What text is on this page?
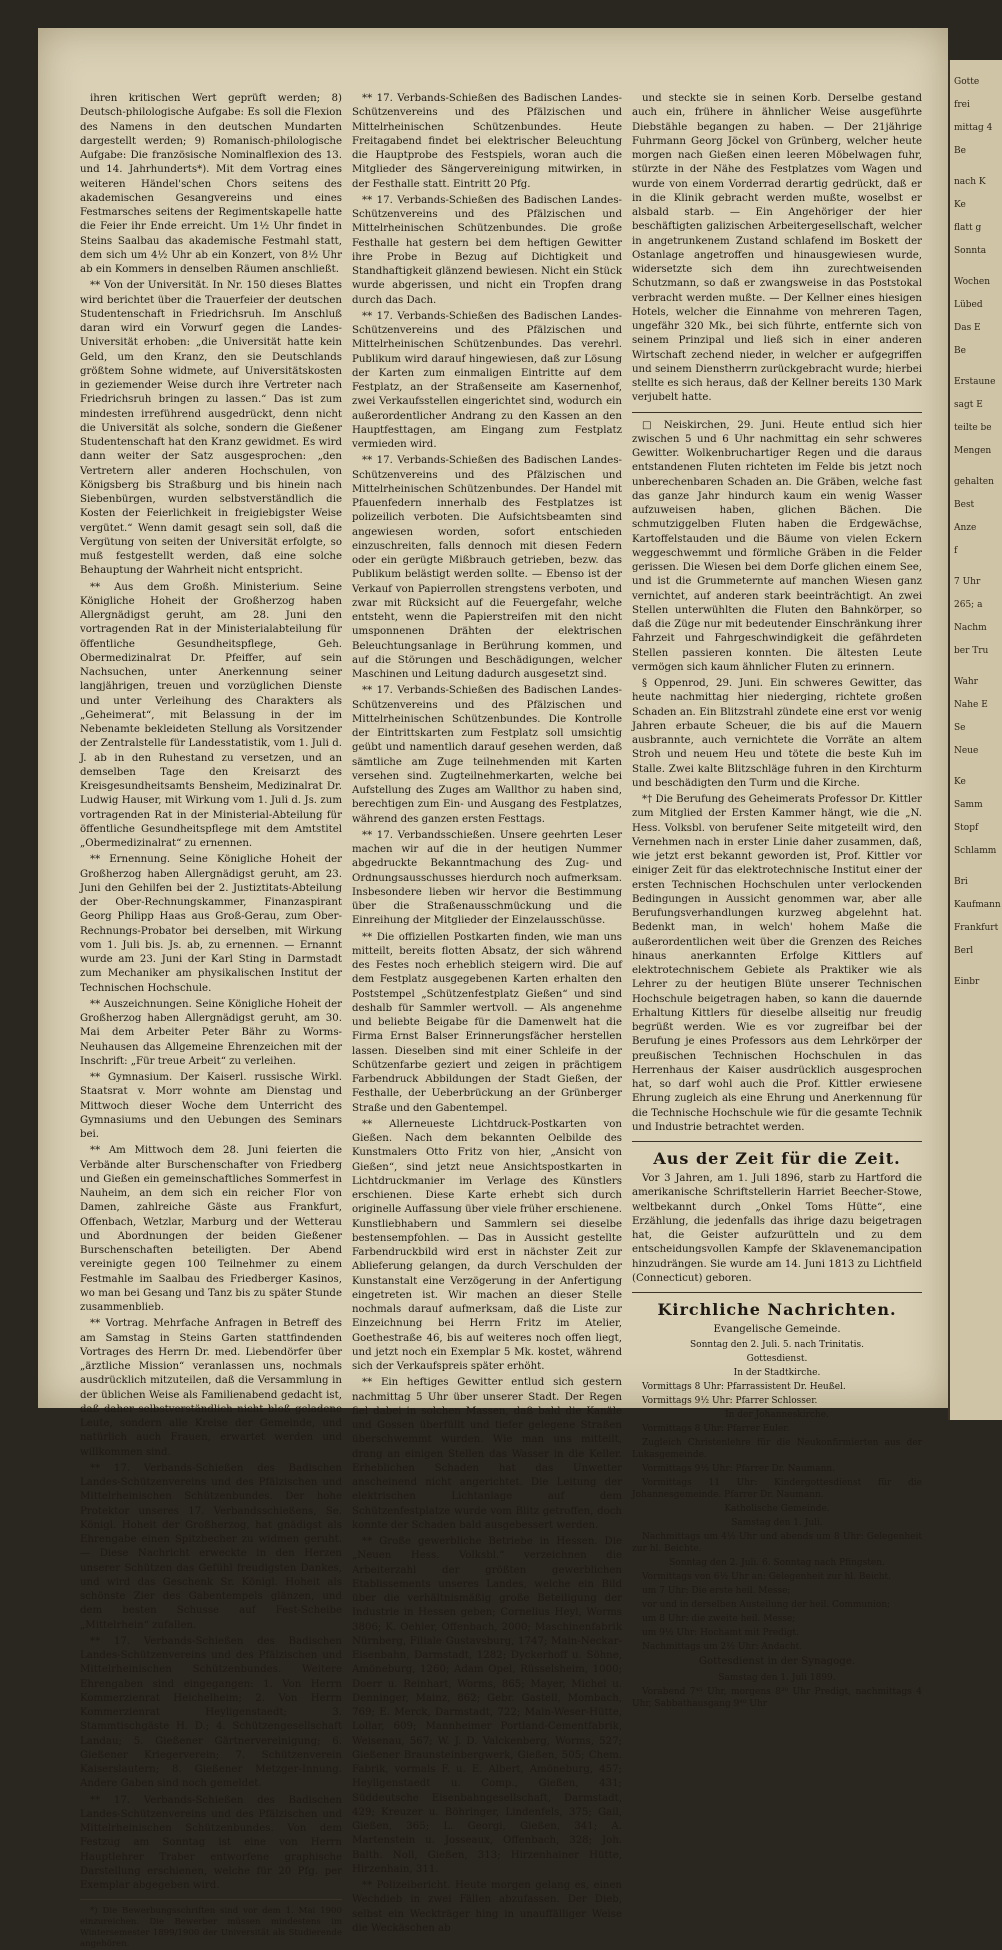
Gotte
frei
mittag 4
Be
nach K
Ke
flatt g
Sonnta
Wochen
Lübed
Das E
Be
Erstaune
sagt E
teilte be
Mengen
gehalten
Best
Anze
f
7 Uhr
265; a
Nachm
ber Tru
Wahr
Nahe E
Se
Neue
Ke
Samm
Stopf
Schlamm
Bri
Kaufmann
Frankfurt
Berl
Einbr

ihren kritischen Wert geprüft werden; 8) Deutsch-philologische Aufgabe: Es soll die Flexion des Namens in den deutschen Mundarten dargestellt werden; 9) Romanisch-philologische Aufgabe: Die französische Nominalflexion des 13. und 14. Jahrhunderts*). Mit dem Vortrag eines weiteren Händel'schen Chors seitens des akademischen Gesangvereins und eines Festmarsches seitens der Regimentskapelle hatte die Feier ihr Ende erreicht. Um 1½ Uhr findet in Steins Saalbau das akademische Festmahl statt, dem sich um 4½ Uhr ab ein Konzert, von 8½ Uhr ab ein Kommers in denselben Räumen anschließt.

** Von der Universität. In Nr. 150 dieses Blattes wird berichtet über die Trauerfeier der deutschen Studentenschaft in Friedrichsruh. Im Anschluß daran wird ein Vorwurf gegen die Landes-Universität erhoben: „die Universität hatte kein Geld, um den Kranz, den sie Deutschlands größtem Sohne widmete, auf Universitätskosten in geziemender Weise durch ihre Vertreter nach Friedrichsruh bringen zu lassen.“ Das ist zum mindesten irreführend ausgedrückt, denn nicht die Universität als solche, sondern die Gießener Studentenschaft hat den Kranz gewidmet. Es wird dann weiter der Satz ausgesprochen: „den Vertretern aller anderen Hochschulen, von Königsberg bis Straßburg und bis hinein nach Siebenbürgen, wurden selbstverständlich die Kosten der Feierlichkeit in freigiebigster Weise vergütet.“ Wenn damit gesagt sein soll, daß die Vergütung von seiten der Universität erfolgte, so muß festgestellt werden, daß eine solche Behauptung der Wahrheit nicht entspricht.

** Aus dem Großh. Ministerium. Seine Königliche Hoheit der Großherzog haben Allergnädigst geruht, am 28. Juni den vortragenden Rat in der Ministerialabteilung für öffentliche Gesundheitspflege, Geh. Obermedizinalrat Dr. Pfeiffer, auf sein Nachsuchen, unter Anerkennung seiner langjährigen, treuen und vorzüglichen Dienste und unter Verleihung des Charakters als „Geheimerat“, mit Belassung in der im Nebenamte bekleideten Stellung als Vorsitzender der Zentralstelle für Landesstatistik, vom 1. Juli d. J. ab in den Ruhestand zu versetzen, und an demselben Tage den Kreisarzt des Kreisgesundheitsamts Bensheim, Medizinalrat Dr. Ludwig Hauser, mit Wirkung vom 1. Juli d. Js. zum vortragenden Rat in der Ministerial-Abteilung für öffentliche Gesundheitspflege mit dem Amtstitel „Obermedizinalrat“ zu ernennen.

** Ernennung. Seine Königliche Hoheit der Großherzog haben Allergnädigst geruht, am 23. Juni den Gehilfen bei der 2. Justiztitats-Abteilung der Ober-Rechnungskammer, Finanzaspirant Georg Philipp Haas aus Groß-Gerau, zum Ober-Rechnungs-Probator bei derselben, mit Wirkung vom 1. Juli bis. Js. ab, zu ernennen. — Ernannt wurde am 23. Juni der Karl Sting in Darmstadt zum Mechaniker am physikalischen Institut der Technischen Hochschule.

** Auszeichnungen. Seine Königliche Hoheit der Großherzog haben Allergnädigst geruht, am 30. Mai dem Arbeiter Peter Bähr zu Worms-Neuhausen das Allgemeine Ehrenzeichen mit der Inschrift: „Für treue Arbeit“ zu verleihen.

** Gymnasium. Der Kaiserl. russische Wirkl. Staatsrat v. Morr wohnte am Dienstag und Mittwoch dieser Woche dem Unterricht des Gymnasiums und den Uebungen des Seminars bei.

** Am Mittwoch dem 28. Juni feierten die Verbände alter Burschenschafter von Friedberg und Gießen ein gemeinschaftliches Sommerfest in Nauheim, an dem sich ein reicher Flor von Damen, zahlreiche Gäste aus Frankfurt, Offenbach, Wetzlar, Marburg und der Wetterau und Abordnungen der beiden Gießener Burschenschaften beteiligten. Der Abend vereinigte gegen 100 Teilnehmer zu einem Festmahle im Saalbau des Friedberger Kasinos, wo man bei Gesang und Tanz bis zu später Stunde zusammenblieb.

** Vortrag. Mehrfache Anfragen in Betreff des am Samstag in Steins Garten stattfindenden Vortrages des Herrn Dr. med. Liebendörfer über „ärztliche Mission“ veranlassen uns, nochmals ausdrücklich mitzuteilen, daß die Versammlung in der üblichen Weise als Familienabend gedacht ist, daß daher selbstverständlich nicht bloß geladene Leute, sondern alle Kreise der Gemeinde, und natürlich auch Frauen, erwartet werden und willkommen sind.

** 17. Verbands-Schießen des Badischen Landes-Schützenvereins und des Pfälzischen und Mittelrheinischen Schützenbundes. Der hohe Protektor unseres 17. Verbandsschießens, Se. Königl. Hoheit der Großherzog, hat gnädigst als Ehrengabe einen Spitzbecher zu widmen geruht. — Diese Nachricht erweckte in den Herzen unserer Schützen das Gefühl freudigsten Dankes, und wird das Geschenk Sr. Königl. Hoheit als schönste Zier des Gabentempels glänzen, und dem besten Schusse auf Fest-Scheibe „Mittelrhein“ zufallen.

** 17. Verbands-Schießen des Badischen Landes-Schützenvereins und des Pfälzischen und Mittelrheinischen Schützenbundes. Weitere Ehrengaben sind eingegangen: 1. Von Herrn Kommerzienrat Heichelheim; 2. Von Herrn Kommerzienrat Heyligenstaedt; 3. Stammtischgäste H. D.; 4. Schützengesellschaft Landau; 5. Gießener Gärtnervereinigung; 6. Gießener Kriegerverein; 7. Schützenverein Kaiserslautern; 8. Gießener Metzger-Innung. Andere Gaben sind noch gemeldet.

** 17. Verbands-Schießen des Badischen Landes-Schützenvereins und des Pfälzischen und Mittelrheinischen Schützenbundes. Von dem Festzug am Sonntag ist eine von Herrn Hauptlehrer Traber entworfene graphische Darstellung erschienen, welche für 20 Pfg. per Exemplar abgegeben wird.

*) Die Bewerbungsschriften sind vor dem 1. Mai 1900 einzureichen. Die Bewerber müssen mindestens im Wintersemester 1899/1900 der Universität als Studierende angehören.

** 17. Verbands-Schießen des Badischen Landes-Schützenvereins und des Pfälzischen und Mittelrheinischen Schützenbundes. Heute Freitagabend findet bei elektrischer Beleuchtung die Hauptprobe des Festspiels, woran auch die Mitglieder des Sängervereinigung mitwirken, in der Festhalle statt. Eintritt 20 Pfg.

** 17. Verbands-Schießen des Badischen Landes-Schützenvereins und des Pfälzischen und Mittelrheinischen Schützenbundes. Die große Festhalle hat gestern bei dem heftigen Gewitter ihre Probe in Bezug auf Dichtigkeit und Standhaftigkeit glänzend bewiesen. Nicht ein Stück wurde abgerissen, und nicht ein Tropfen drang durch das Dach.

** 17. Verbands-Schießen des Badischen Landes-Schützenvereins und des Pfälzischen und Mittelrheinischen Schützenbundes. Das verehrl. Publikum wird darauf hingewiesen, daß zur Lösung der Karten zum einmaligen Eintritte auf dem Festplatz, an der Straßenseite am Kasernenhof, zwei Verkaufsstellen eingerichtet sind, wodurch ein außerordentlicher Andrang zu den Kassen an den Hauptfesttagen, am Eingang zum Festplatz vermieden wird.

** 17. Verbands-Schießen des Badischen Landes-Schützenvereins und des Pfälzischen und Mittelrheinischen Schützenbundes. Der Handel mit Pfauenfedern innerhalb des Festplatzes ist polizeilich verboten. Die Aufsichtsbeamten sind angewiesen worden, sofort entschieden einzuschreiten, falls dennoch mit diesen Federn oder ein gerügte Mißbrauch getrieben, bezw. das Publikum belästigt werden sollte. — Ebenso ist der Verkauf von Papierrollen strengstens verboten, und zwar mit Rücksicht auf die Feuergefahr, welche entsteht, wenn die Papierstreifen mit den nicht umsponnenen Drähten der elektrischen Beleuchtungsanlage in Berührung kommen, und auf die Störungen und Beschädigungen, welcher Maschinen und Leitung dadurch ausgesetzt sind.

** 17. Verbands-Schießen des Badischen Landes-Schützenvereins und des Pfälzischen und Mittelrheinischen Schützenbundes. Die Kontrolle der Eintrittskarten zum Festplatz soll umsichtig geübt und namentlich darauf gesehen werden, daß sämtliche am Zuge teilnehmenden mit Karten versehen sind. Zugteilnehmerkarten, welche bei Aufstellung des Zuges am Wallthor zu haben sind, berechtigen zum Ein- und Ausgang des Festplatzes, während des ganzen ersten Festtags.

** 17. Verbandsschießen. Unsere geehrten Leser machen wir auf die in der heutigen Nummer abgedruckte Bekanntmachung des Zug- und Ordnungsausschusses hierdurch noch aufmerksam. Insbesondere lieben wir hervor die Bestimmung über die Straßenausschmückung und die Einreihung der Mitglieder der Einzelausschüsse.

** Die offiziellen Postkarten finden, wie man uns mitteilt, bereits flotten Absatz, der sich während des Festes noch erheblich steigern wird. Die auf dem Festplatz ausgegebenen Karten erhalten den Poststempel „Schützenfestplatz Gießen“ und sind deshalb für Sammler wertvoll. — Als angenehme und beliebte Beigabe für die Damenwelt hat die Firma Ernst Balser Erinnerungsfächer herstellen lassen. Dieselben sind mit einer Schleife in der Schützenfarbe geziert und zeigen in prächtigem Farbendruck Abbildungen der Stadt Gießen, der Festhalle, der Ueberbrückung an der Grünberger Straße und den Gabentempel.

** Allerneueste Lichtdruck-Postkarten von Gießen. Nach dem bekannten Oelbilde des Kunstmalers Otto Fritz von hier, „Ansicht von Gießen“, sind jetzt neue Ansichtspostkarten in Lichtdruckmanier im Verlage des Künstlers erschienen. Diese Karte erhebt sich durch originelle Auffassung über viele früher erschienene. Kunstliebhabern und Sammlern sei dieselbe bestensempfohlen. — Das in Aussicht gestellte Farbendruckbild wird erst in nächster Zeit zur Ablieferung gelangen, da durch Verschulden der Kunstanstalt eine Verzögerung in der Anfertigung eingetreten ist. Wir machen an dieser Stelle nochmals darauf aufmerksam, daß die Liste zur Einzeichnung bei Herrn Fritz im Atelier, Goethestraße 46, bis auf weiteres noch offen liegt, und jetzt noch ein Exemplar 5 Mk. kostet, während sich der Verkaufspreis später erhöht.

** Ein heftiges Gewitter entlud sich gestern nachmittag 5 Uhr über unserer Stadt. Der Regen fiel dabei in solchen Massen, daß bald die Kanäle und Gossen überfüllt und tiefer gelegene Straßen überschwemmt wurden. Wie man uns mitteilt, drang an einigen Stellen das Wasser in die Keller. Erheblichen Schaden hat das Unwetter anscheinend nicht angerichtet. Die Leitung der elektrischen Lichtanlage auf dem Schützenfestplatze wurde vom Blitz getroffen, doch konnte der Schaden bald ausgebessert werden.

** Große gewerbliche Betriebe in Hessen. Die „Neuen Hess. Volksbl.“ verzeichnen die Arbeiterzahl der größten gewerblichen Etablissements unseres Landes, welche ein Bild über die verhältnismäßig große Beteiligung der Industrie in Hessen geben; Cornelius Heyl, Worms 3806; K. Oehler, Offenbach, 2000; Maschinenfabrik Nürnberg, Filiale Gustavsburg, 1747; Main-Neckar-Eisenbahn, Darmstadt, 1282; Dyckerhoff u. Söhne, Amöneburg, 1260; Adam Opel, Rüsselsheim, 1000; Doerr u. Reinhart, Worms, 865; Mayer, Michel u. Denninger, Mainz, 862; Gebr. Gastell, Mombach, 769; E. Merck, Darmstadt, 722; Main-Weser-Hütte, Lollar, 609; Mannheimer Portland-Cementfabrik, Weisenau, 567; W. J. D. Valckenberg, Worms, 527; Gießener Braunsteinbergwerk, Gießen, 505; Chem. Fabrik, vormals F. u. E. Albert, Amöneburg, 457; Heyligenstaedt u. Comp., Gießen, 431; Süddeutsche Eisenbahngesellschaft, Darmstadt, 429; Kreuzer u. Böhringer, Lindenfels, 375; Gail, Gießen, 365; L. Georgi, Gießen, 341; A. Martenstein u. Josseaux, Offenbach, 328; Joh. Balth. Noll, Gießen, 313; Hirzenhainer Hütte, Hirzenhain, 311.

** Polizeibericht. Heute morgen gelang es, einen Wechdieb in zwei Fällen abzufassen. Der Dieb, selbst ein Weckträger hing in unauffälliger Weise die Weckäschen ab

und steckte sie in seinen Korb. Derselbe gestand auch ein, frühere in ähnlicher Weise ausgeführte Diebstähle begangen zu haben. — Der 21jährige Fuhrmann Georg Jöckel von Grünberg, welcher heute morgen nach Gießen einen leeren Möbelwagen fuhr, stürzte in der Nähe des Festplatzes vom Wagen und wurde von einem Vorderrad derartig gedrückt, daß er in die Klinik gebracht werden mußte, woselbst er alsbald starb. — Ein Angehöriger der hier beschäftigten galizischen Arbeitergesellschaft, welcher in angetrunkenem Zustand schlafend im Boskett der Ostanlage angetroffen und hinausgewiesen wurde, widersetzte sich dem ihn zurechtweisenden Schutzmann, so daß er zwangsweise in das Poststokal verbracht werden mußte. — Der Kellner eines hiesigen Hotels, welcher die Einnahme von mehreren Tagen, ungefähr 320 Mk., bei sich führte, entfernte sich von seinem Prinzipal und ließ sich in einer anderen Wirtschaft zechend nieder, in welcher er aufgegriffen und seinem Dienstherrn zurückgebracht wurde; hierbei stellte es sich heraus, daß der Kellner bereits 130 Mark verjubelt hatte.

□ Neiskirchen, 29. Juni. Heute entlud sich hier zwischen 5 und 6 Uhr nachmittag ein sehr schweres Gewitter. Wolkenbruchartiger Regen und die daraus entstandenen Fluten richteten im Felde bis jetzt noch unberechenbaren Schaden an. Die Gräben, welche fast das ganze Jahr hindurch kaum ein wenig Wasser aufzuweisen haben, glichen Bächen. Die schmutziggelben Fluten haben die Erdgewächse, Kartoffelstauden und die Bäume von vielen Eckern weggeschwemmt und förmliche Gräben in die Felder gerissen. Die Wiesen bei dem Dorfe glichen einem See, und ist die Grummeternte auf manchen Wiesen ganz vernichtet, auf anderen stark beeinträchtigt. An zwei Stellen unterwühlten die Fluten den Bahnkörper, so daß die Züge nur mit bedeutender Einschränkung ihrer Fahrzeit und Fahrgeschwindigkeit die gefährdeten Stellen passieren konnten. Die ältesten Leute vermögen sich kaum ähnlicher Fluten zu erinnern.

§ Oppenrod, 29. Juni. Ein schweres Gewitter, das heute nachmittag hier niederging, richtete großen Schaden an. Ein Blitzstrahl zündete eine erst vor wenig Jahren erbaute Scheuer, die bis auf die Mauern ausbrannte, auch vernichtete die Vorräte an altem Stroh und neuem Heu und tötete die beste Kuh im Stalle. Zwei kalte Blitzschläge fuhren in den Kirchturm und beschädigten den Turm und die Kirche.

*† Die Berufung des Geheimerats Professor Dr. Kittler zum Mitglied der Ersten Kammer hängt, wie die „N. Hess. Volksbl. von berufener Seite mitgeteilt wird, den Vernehmen nach in erster Linie daher zusammen, daß, wie jetzt erst bekannt geworden ist, Prof. Kittler vor einiger Zeit für das elektrotechnische Institut einer der ersten Technischen Hochschulen unter verlockenden Bedingungen in Aussicht genommen war, aber alle Berufungsverhandlungen kurzweg abgelehnt hat. Bedenkt man, in welch' hohem Maße die außerordentlichen weit über die Grenzen des Reiches hinaus anerkannten Erfolge Kittlers auf elektrotechnischem Gebiete als Praktiker wie als Lehrer zu der heutigen Blüte unserer Technischen Hochschule beigetragen haben, so kann die dauernde Erhaltung Kittlers für dieselbe allseitig nur freudig begrüßt werden. Wie es vor zugreifbar bei der Berufung je eines Professors aus dem Lehrkörper der preußischen Technischen Hochschulen in das Herrenhaus der Kaiser ausdrücklich ausgesprochen hat, so darf wohl auch die Prof. Kittler erwiesene Ehrung zugleich als eine Ehrung und Anerkennung für die Technische Hochschule wie für die gesamte Technik und Industrie betrachtet werden.

Aus der Zeit für die Zeit.

Vor 3 Jahren, am 1. Juli 1896, starb zu Hartford die amerikanische Schriftstellerin Harriet Beecher-Stowe, weltbekannt durch „Onkel Toms Hütte“, eine Erzählung, die jedenfalls das ihrige dazu beigetragen hat, die Geister aufzurütteln und zu dem entscheidungsvollen Kampfe der Sklavenemancipation hinzudrängen. Sie wurde am 14. Juni 1813 zu Lichtfield (Connecticut) geboren.

Kirchliche Nachrichten.

Evangelische Gemeinde.

Sonntag den 2. Juli. 5. nach Trinitatis.

Gottesdienst.

In der Stadtkirche.

Vormittags 8 Uhr: Pfarrassistent Dr. Heußel.

Vormittags 9½ Uhr: Pfarrer Schlosser.

In der Johanneskirche.

Vormittags 8 Uhr: Pfarrer Euler.

Zugleich Christenlehre für die Neukonfirmierten aus der Lukasgemeinde.

Vormittags 9½ Uhr: Pfarrer Dr. Naumann.

Vormittags 11 Uhr: Kindergottesdienst für die Johannesgemeinde. Pfarrer Dr. Naumann.

Katholische Gemeinde.

Samstag den 1. Juli.

Nachmittags um 4½ Uhr und abends um 8 Uhr: Gelegenheit zur hl. Beichte.

Sonntag den 2. Juli. 6. Sonntag nach Pfingsten.

Vormittags von 6½ Uhr an: Gelegenheit zur hl. Beicht.

um 7 Uhr: Die erste heil. Messe;

vor und in derselben Austeilung der heil. Communion;

um 8 Uhr: die zweite heil. Messe;

um 9½ Uhr: Hochamt mit Predigt.

Nachmittags um 2½ Uhr: Andacht.

Gottesdienst in der Synagoge.

Samstag den 1. Juli 1899.

Vorabend 7⁴⁵ Uhr, morgens 8³⁰ Uhr Predigt, nachmittags 4 Uhr, Sabbathausgang 9⁴⁰ Uhr
